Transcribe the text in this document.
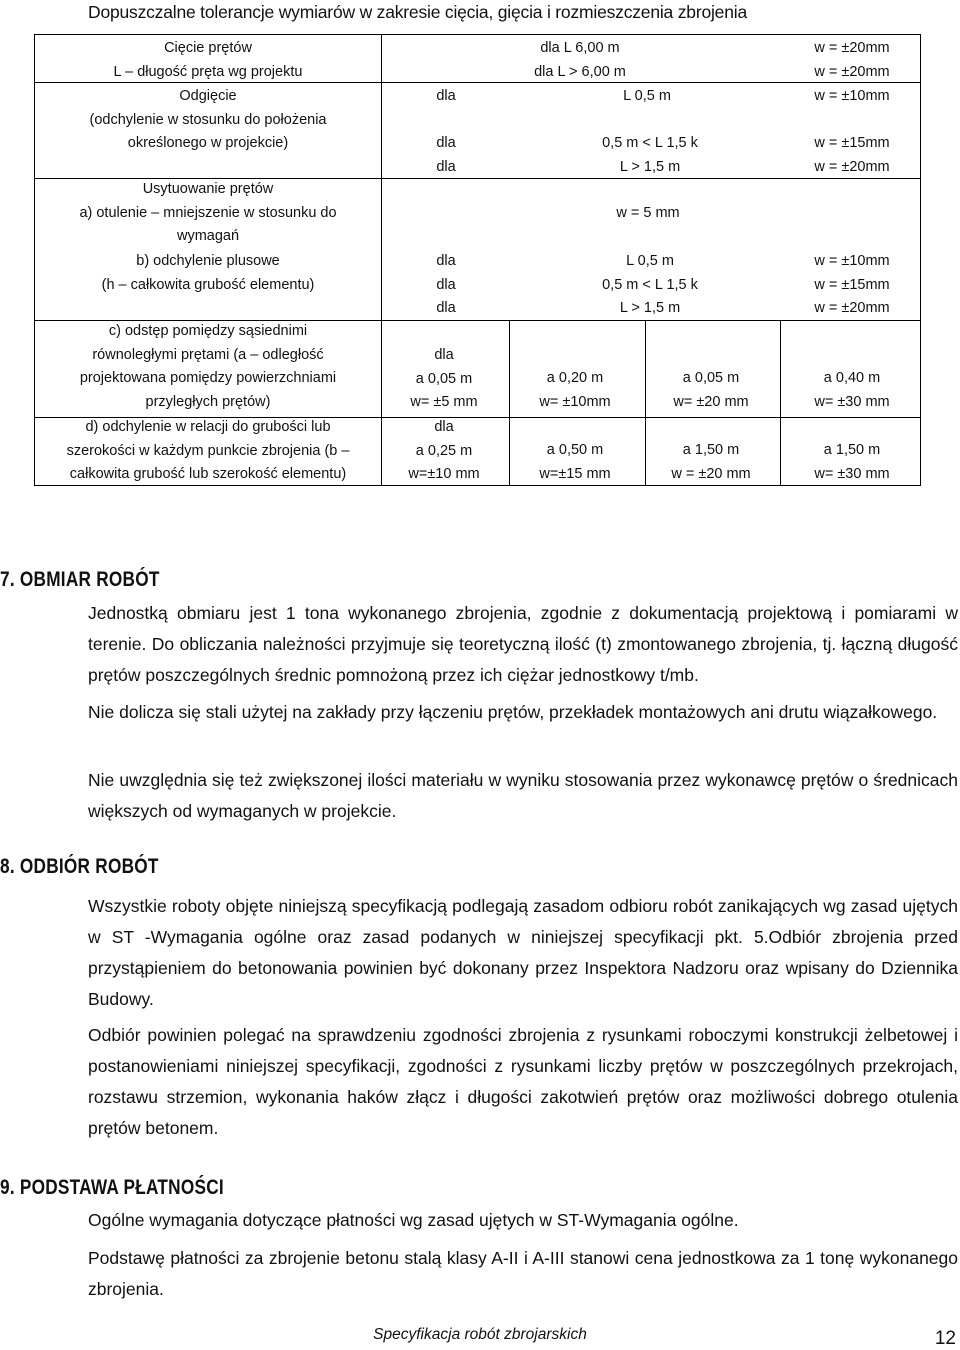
Dopuszczalne tolerancje wymiarów w zakresie cięcia, gięcia i rozmieszczenia zbrojenia
Cięcie prętów
L – długość pręta wg projektu
dla L 6,00 m
dla L > 6,00 m
w = ±20mm
w = ±20mm
Odgięcie
(odchylenie w stosunku do położenia
określonego w projekcie)
dla
dla
dla
L 0,5 m
0,5 m < L 1,5 k
L > 1,5 m
w = ±10mm
w = ±15mm
w = ±20mm
Usytuowanie prętów
a) otulenie – mniejszenie w stosunku do
wymagań
w = 5 mm
b) odchylenie plusowe
(h – całkowita grubość elementu)
dla
dla
dla
L 0,5 m
0,5 m < L 1,5 k
L > 1,5 m
w = ±10mm
w = ±15mm
w = ±20mm
c) odstęp pomiędzy sąsiednimi
równoległymi prętami (a – odległość
projektowana pomiędzy powierzchniami
przyległych prętów)
dla
a 0,05 m
w= ±5 mm
a 0,20 m
w= ±10mm
a 0,05 m
w= ±20 mm
a 0,40 m
w= ±30 mm
d) odchylenie w relacji do grubości lub
szerokości w każdym punkcie zbrojenia (b –
całkowita grubość lub szerokość elementu)
dla
a 0,25 m
w=±10 mm
a 0,50 m
w=±15 mm
a 1,50 m
w = ±20 mm
a 1,50 m
w= ±30 mm
7. OBMIAR ROBÓT
Jednostką obmiaru jest 1 tona wykonanego zbrojenia, zgodnie z dokumentacją projektową i pomiarami w terenie. Do obliczania należności przyjmuje się teoretyczną ilość (t) zmontowanego zbrojenia, tj. łączną długość prętów poszczególnych średnic pomnożoną przez ich ciężar jednostkowy t/mb.
Nie dolicza się stali użytej na zakłady przy łączeniu prętów, przekładek montażowych ani drutu wiązałkowego.
Nie uwzględnia się też zwiększonej ilości materiału w wyniku stosowania przez wykonawcę prętów o średnicach większych od wymaganych w projekcie.
8. ODBIÓR ROBÓT
Wszystkie roboty objęte niniejszą specyfikacją podlegają zasadom odbioru robót zanikających wg zasad ujętych w ST -Wymagania ogólne oraz zasad podanych w niniejszej specyfikacji pkt. 5.Odbiór zbrojenia przed przystąpieniem do betonowania powinien być dokonany przez Inspektora Nadzoru oraz wpisany do Dziennika Budowy.
Odbiór powinien polegać na sprawdzeniu zgodności zbrojenia z rysunkami roboczymi konstrukcji żelbetowej i postanowieniami niniejszej specyfikacji, zgodności z rysunkami liczby prętów w poszczególnych przekrojach, rozstawu strzemion, wykonania haków złącz i długości zakotwień prętów oraz możliwości dobrego otulenia prętów betonem.
9. PODSTAWA PŁATNOŚCI
Ogólne wymagania dotyczące płatności wg zasad ujętych w ST-Wymagania ogólne.
Podstawę płatności za zbrojenie betonu stalą klasy A-II i A-III stanowi cena jednostkowa za 1 tonę wykonanego zbrojenia.
Specyfikacja robót zbrojarskich	12
